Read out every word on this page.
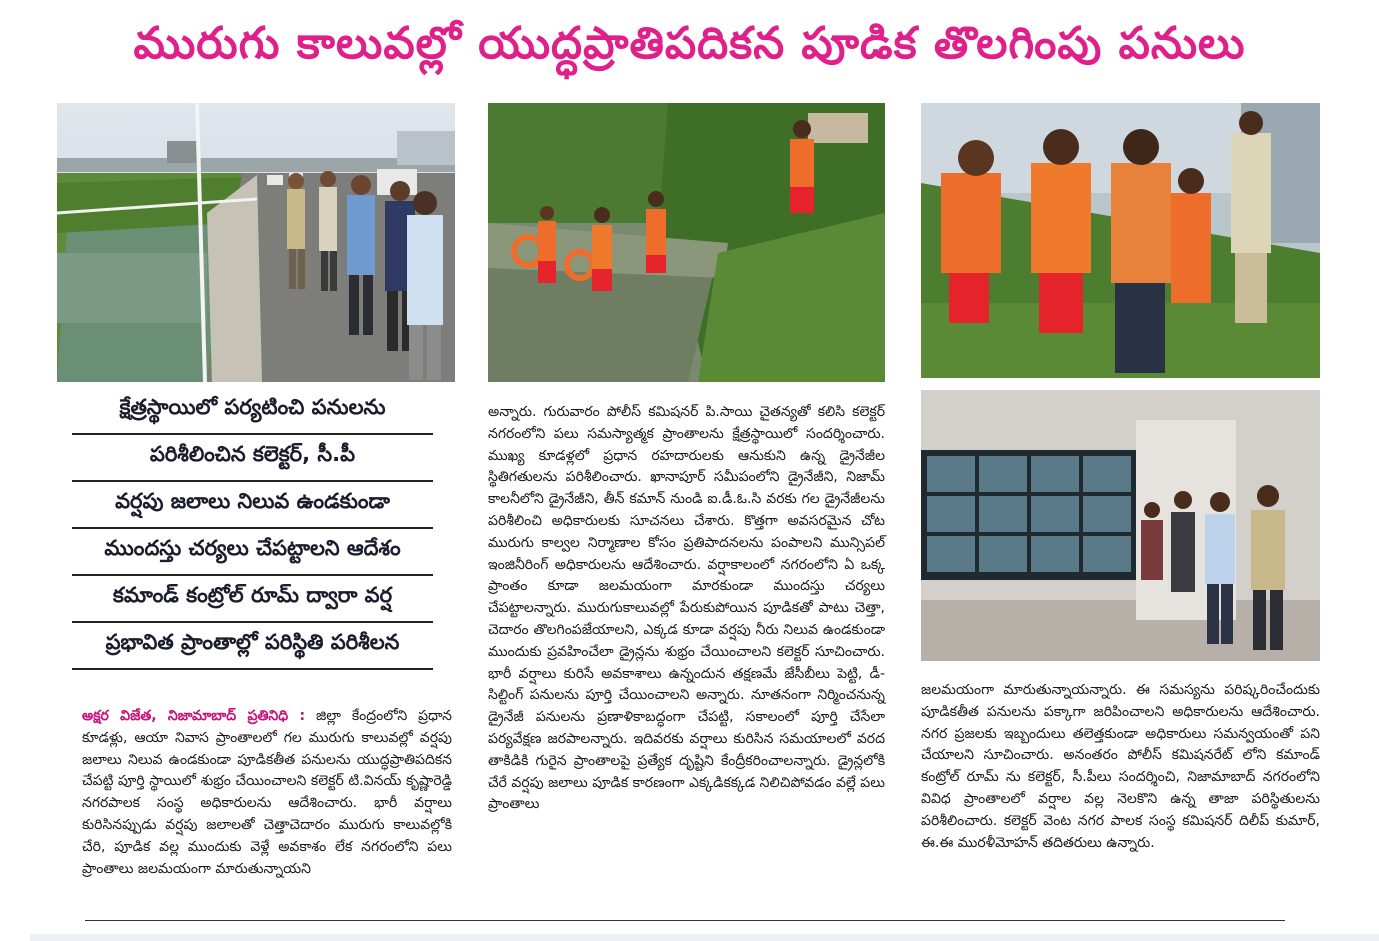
మురుగు కాలువల్లో యుద్ధప్రాతిపదికన పూడిక తొలగింపు పనులు
క్షేత్రస్థాయిలో పర్యటించి పనులను
పరిశీలించిన కలెక్టర్, సీ.పీ
వర్షపు జలాలు నిలువ ఉండకుండా
ముందస్తు చర్యలు చేపట్టాలని ఆదేశం
కమాండ్ కంట్రోల్ రూమ్ ద్వారా వర్ష
ప్రభావిత ప్రాంతాల్లో పరిస్థితి పరిశీలన

అక్షర విజేత, నిజామాబాద్ ప్రతినిధి : జిల్లా కేంద్రంలోని ప్రధాన కూడళ్లు, ఆయా నివాస ప్రాంతాలలో గల మురుగు కాలువల్లో వర్షపు జలాలు నిలువ ఉండకుండా పూడికతీత పనులను యుద్ధప్రాతిపదికన చేపట్టి పూర్తి స్థాయిలో శుభ్రం చేయించాలని కలెక్టర్ టి.వినయ్ కృష్ణారెడ్డి నగరపాలక సంస్థ అధికారులను ఆదేశించారు. భారీ వర్షాలు కురిసినప్పుడు వర్షపు జలాలతో చెత్తాచెదారం మురుగు కాలువల్లోకి చేరి, పూడిక వల్ల ముందుకు వెళ్లే అవకాశం లేక నగరంలోని పలు ప్రాంతాలు జలమయంగా మారుతున్నాయని

అన్నారు. గురువారం పోలీస్ కమిషనర్ పి.సాయి చైతన్యతో కలిసి కలెక్టర్ నగరంలోని పలు సమస్యాత్మక ప్రాంతాలను క్షేత్రస్థాయిలో సందర్శించారు. ముఖ్య కూడళ్లలో ప్రధాన రహదారులకు ఆనుకుని ఉన్న డ్రైనేజీల స్థితిగతులను పరిశీలించారు. ఖానాపూర్ సమీపంలోని డ్రైనేజీని, నిజామ్ కాలనీలోని డ్రైనేజీని, తీన్ కమాన్ నుండి ఐ.డీ.ఓ.సి వరకు గల డ్రైనేజీలను పరిశీలించి అధికారులకు సూచనలు చేశారు. కొత్తగా అవసరమైన చోట మురుగు కాల్వల నిర్మాణాల కోసం ప్రతిపాదనలను పంపాలని మున్సిపల్ ఇంజినీరింగ్ అధికారులను ఆదేశించారు. వర్షాకాలంలో నగరంలోని ఏ ఒక్క ప్రాంతం కూడా జలమయంగా మారకుండా ముందస్తు చర్యలు చేపట్టాలన్నారు. మురుగుకాలువల్లో పేరుకుపోయిన పూడికతో పాటు చెత్తా, చెదారం తొలగింపజేయాలని, ఎక్కడ కూడా వర్షపు నీరు నిలువ ఉండకుండా ముందుకు ప్రవహించేలా డ్రైన్లను శుభ్రం చేయించాలని కలెక్టర్ సూచించారు. భారీ వర్షాలు కురిసే అవకాశాలు ఉన్నందున తక్షణమే జేసీబీలు పెట్టి, డీ-సిల్టింగ్ పనులను పూర్తి చేయించాలని అన్నారు. నూతనంగా నిర్మించనున్న డ్రైనేజీ పనులను ప్రణాళికాబద్ధంగా చేపట్టి, సకాలంలో పూర్తి చేసేలా పర్యవేక్షణ జరపాలన్నారు. ఇదివరకు వర్షాలు కురిసిన సమయాలలో వరద తాకిడికి గురైన ప్రాంతాలపై ప్రత్యేక దృష్టిని కేంద్రీకరించాలన్నారు. డ్రైన్లలోకి చేరే వర్షపు జలాలు పూడిక కారణంగా ఎక్కడికక్కడ నిలిచిపోవడం వల్లే పలు ప్రాంతాలు

జలమయంగా మారుతున్నాయన్నారు. ఈ సమస్యను పరిష్కరించేందుకు పూడికతీత పనులను పక్కాగా జరిపించాలని అధికారులను ఆదేశించారు. నగర ప్రజలకు ఇబ్బందులు తలెత్తకుండా అధికారులు సమన్వయంతో పని చేయాలని సూచించారు. అనంతరం పోలీస్ కమిషనరేట్ లోని కమాండ్ కంట్రోల్ రూమ్ ను కలెక్టర్, సీ.పీలు సందర్శించి, నిజామాబాద్ నగరంలోని వివిధ ప్రాంతాలలో వర్షాల వల్ల నెలకొని ఉన్న తాజా పరిస్థితులను పరిశీలించారు. కలెక్టర్ వెంట నగర పాలక సంస్థ కమిషనర్ దిలీప్ కుమార్, ఈ.ఈ మురళీమోహన్ తదితరులు ఉన్నారు.
